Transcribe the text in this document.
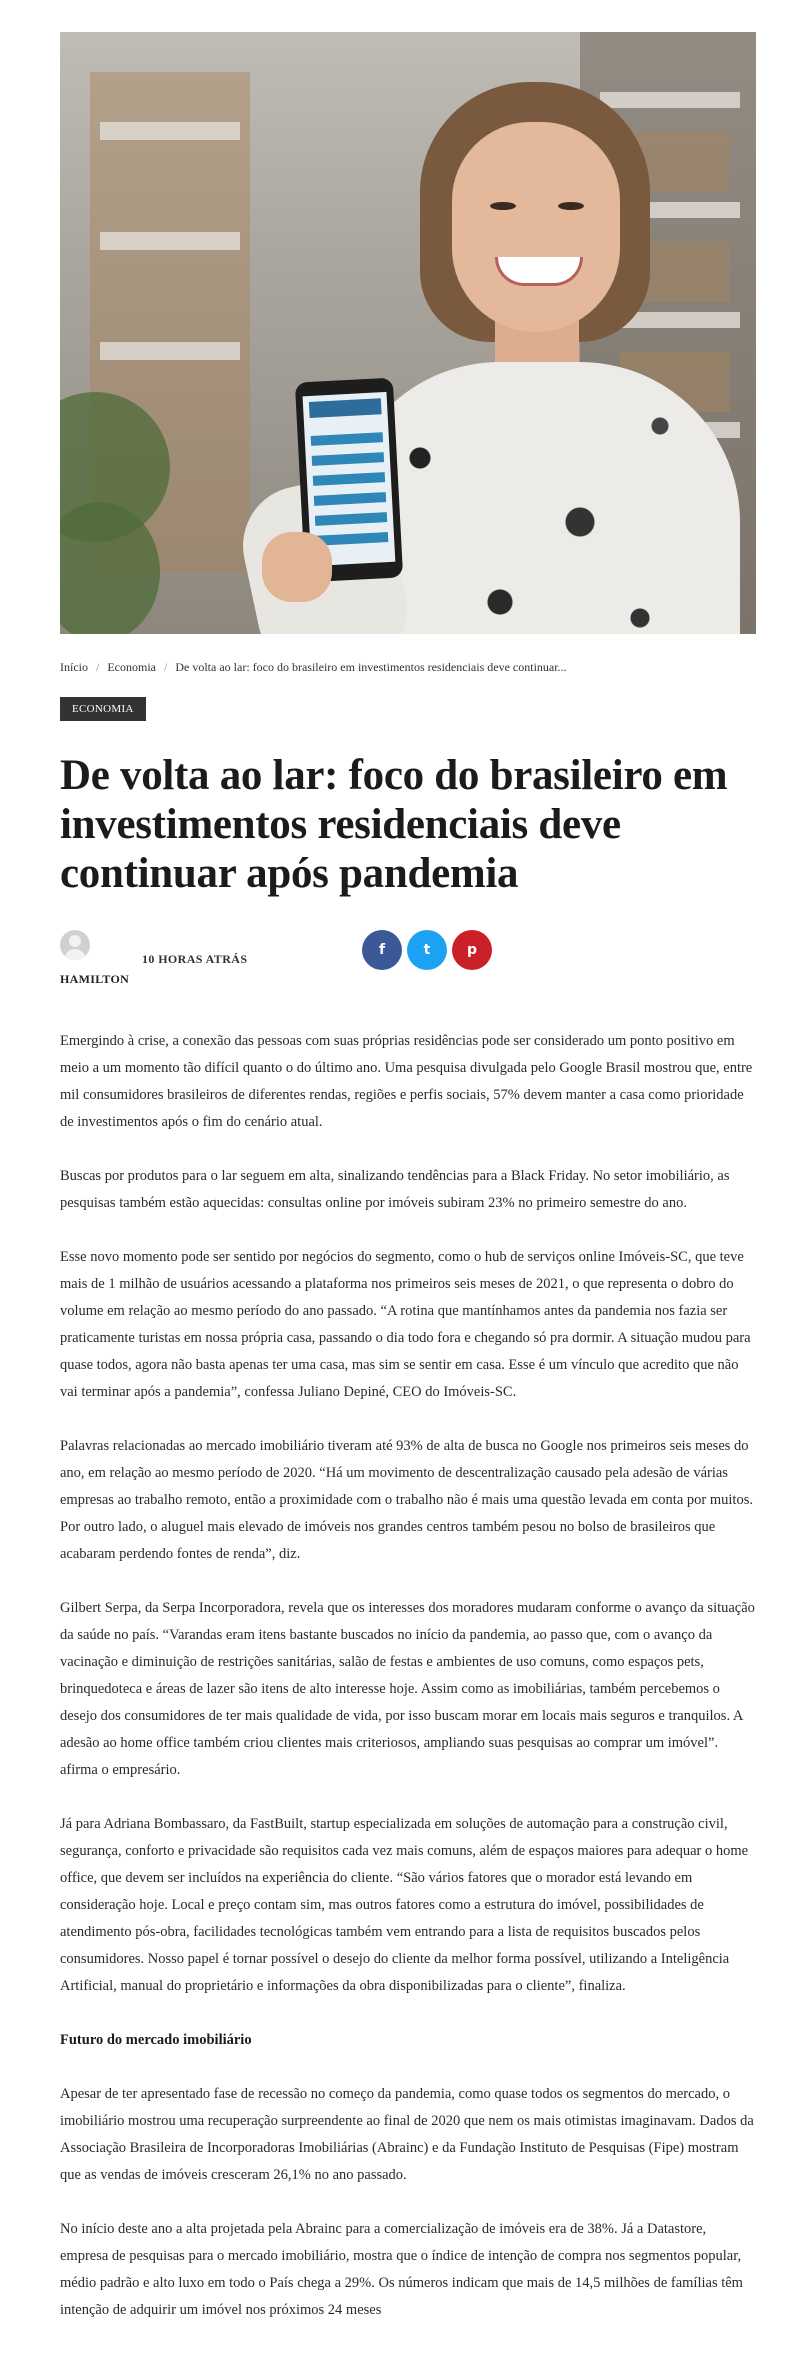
Início / Economia / De volta ao lar: foco do brasileiro em investimentos residenciais deve continuar...
ECONOMIA
De volta ao lar: foco do brasileiro em investimentos residenciais deve continuar após pandemia
HAMILTON
10 HORAS ATRÁS
f	t	p

Emergindo à crise, a conexão das pessoas com suas próprias residências pode ser considerado um ponto positivo em meio a um momento tão difícil quanto o do último ano. Uma pesquisa divulgada pelo Google Brasil mostrou que, entre mil consumidores brasileiros de diferentes rendas, regiões e perfis sociais, 57% devem manter a casa como prioridade de investimentos após o fim do cenário atual.

Buscas por produtos para o lar seguem em alta, sinalizando tendências para a Black Friday. No setor imobiliário, as pesquisas também estão aquecidas: consultas online por imóveis subiram 23% no primeiro semestre do ano.

Esse novo momento pode ser sentido por negócios do segmento, como o hub de serviços online Imóveis-SC, que teve mais de 1 milhão de usuários acessando a plataforma nos primeiros seis meses de 2021, o que representa o dobro do volume em relação ao mesmo período do ano passado. “A rotina que mantínhamos antes da pandemia nos fazia ser praticamente turistas em nossa própria casa, passando o dia todo fora e chegando só pra dormir. A situação mudou para quase todos, agora não basta apenas ter uma casa, mas sim se sentir em casa. Esse é um vínculo que acredito que não vai terminar após a pandemia”, confessa Juliano Depiné, CEO do Imóveis-SC.

Palavras relacionadas ao mercado imobiliário tiveram até 93% de alta de busca no Google nos primeiros seis meses do ano, em relação ao mesmo período de 2020. “Há um movimento de descentralização causado pela adesão de várias empresas ao trabalho remoto, então a proximidade com o trabalho não é mais uma questão levada em conta por muitos. Por outro lado, o aluguel mais elevado de imóveis nos grandes centros também pesou no bolso de brasileiros que acabaram perdendo fontes de renda”, diz.

Gilbert Serpa, da Serpa Incorporadora, revela que os interesses dos moradores mudaram conforme o avanço da situação da saúde no país. “Varandas eram itens bastante buscados no início da pandemia, ao passo que, com o avanço da vacinação e diminuição de restrições sanitárias, salão de festas e ambientes de uso comuns, como espaços pets, brinquedoteca e áreas de lazer são itens de alto interesse hoje. Assim como as imobiliárias, também percebemos o desejo dos consumidores de ter mais qualidade de vida, por isso buscam morar em locais mais seguros e tranquilos. A adesão ao home office também criou clientes mais criteriosos, ampliando suas pesquisas ao comprar um imóvel”. afirma o empresário.

Já para Adriana Bombassaro, da FastBuilt, startup especializada em soluções de automação para a construção civil, segurança, conforto e privacidade são requisitos cada vez mais comuns, além de espaços maiores para adequar o home office, que devem ser incluídos na experiência do cliente. “São vários fatores que o morador está levando em consideração hoje. Local e preço contam sim, mas outros fatores como a estrutura do imóvel, possibilidades de atendimento pós-obra, facilidades tecnológicas também vem entrando para a lista de requisitos buscados pelos consumidores. Nosso papel é tornar possível o desejo do cliente da melhor forma possível, utilizando a Inteligência Artificial, manual do proprietário e informações da obra disponibilizadas para o cliente”, finaliza.

Futuro do mercado imobiliário

Apesar de ter apresentado fase de recessão no começo da pandemia, como quase todos os segmentos do mercado, o imobiliário mostrou uma recuperação surpreendente ao final de 2020 que nem os mais otimistas imaginavam. Dados da Associação Brasileira de Incorporadoras Imobiliárias (Abrainc) e da Fundação Instituto de Pesquisas (Fipe) mostram que as vendas de imóveis cresceram 26,1% no ano passado.

No início deste ano a alta projetada pela Abrainc para a comercialização de imóveis era de 38%. Já a Datastore, empresa de pesquisas para o mercado imobiliário, mostra que o índice de intenção de compra nos segmentos popular, médio padrão e alto luxo em todo o País chega a 29%. Os números indicam que mais de 14,5 milhões de famílias têm intenção de adquirir um imóvel nos próximos 24 meses
